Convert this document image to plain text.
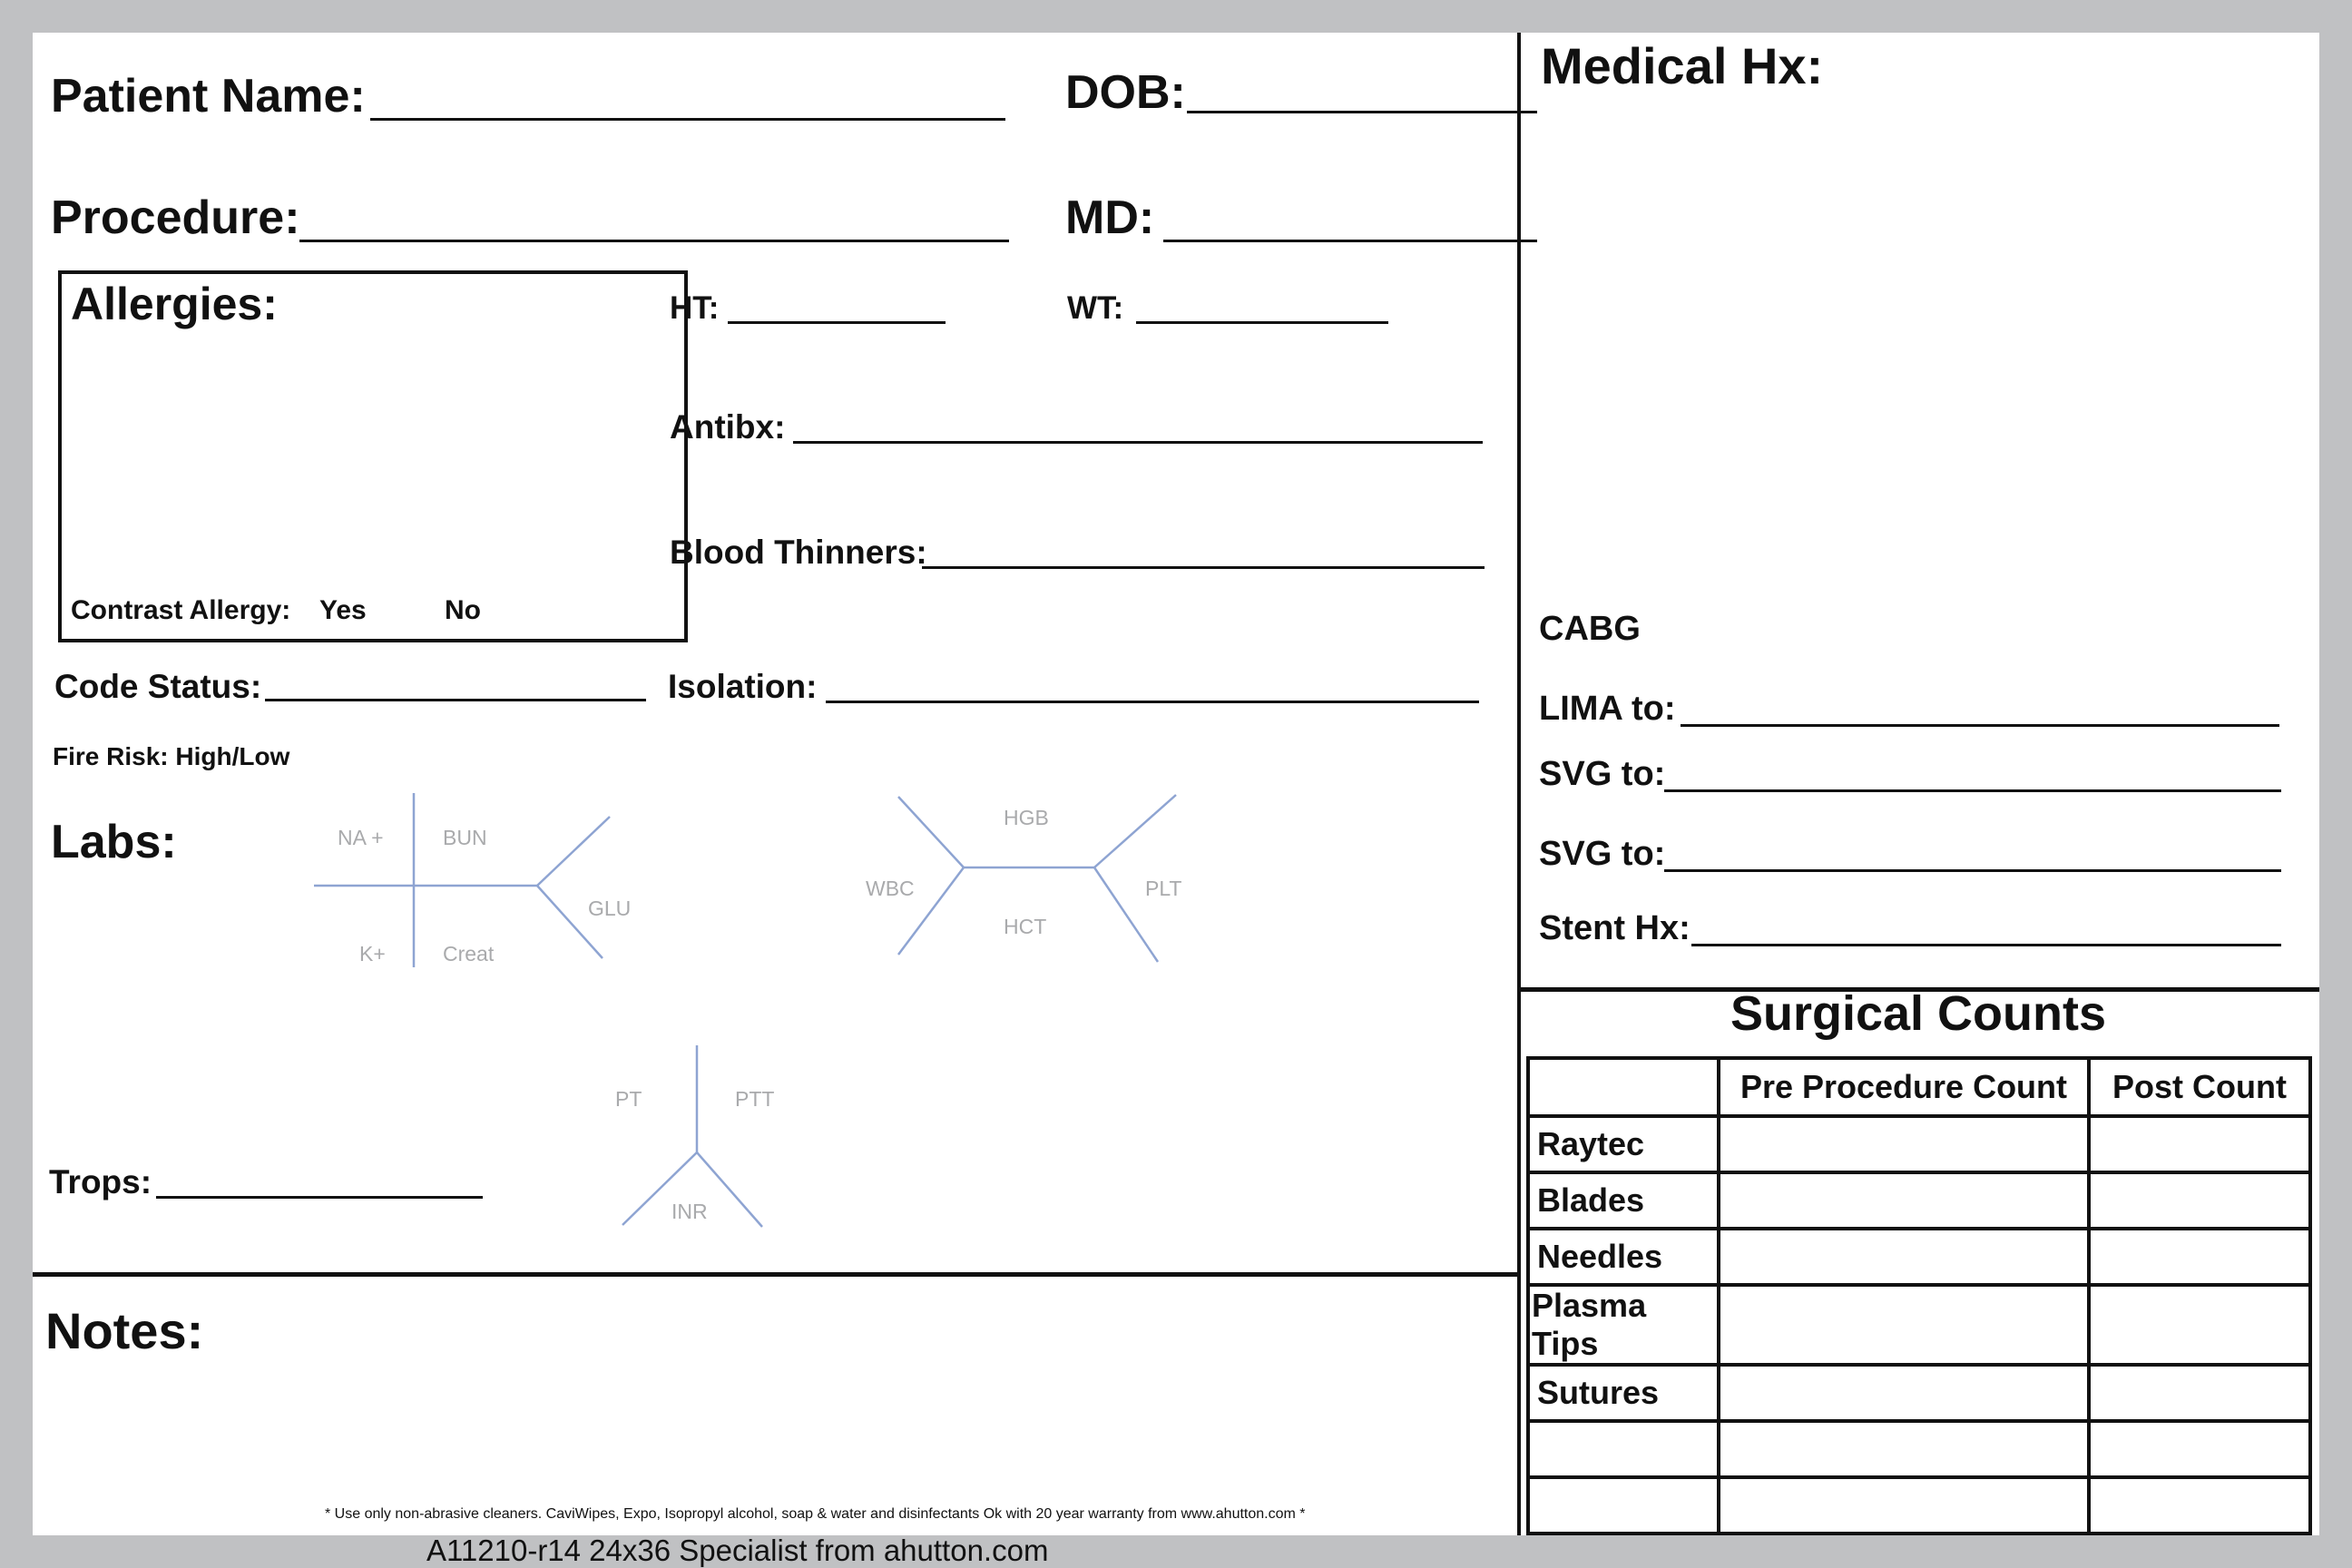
Patient Name:	DOB:
Procedure:	MD:
Allergies:
Contrast Allergy: Yes	No
HT:	WT:
Antibx:
Blood Thinners:
Code Status:	Isolation:
Fire Risk: High/Low
Labs:	NA +	BUN
K+	Creat
GLU
HGB
WBC
HCT
PLT
PT	PTT
INR
Trops:
Notes:
* Use only non-abrasive cleaners. CaviWipes, Expo, Isopropyl alcohol, soap & water and disinfectants Ok with 20 year warranty from www.ahutton.com *
Medical Hx:
CABG
LIMA to:
SVG to:
SVG to:
Stent Hx:
Surgical Counts
	Pre Procedure Count	Post Count
Raytec		
Blades		
Needles		
Plasma Tips		
Sutures		

A11210-r14 24x36 Specialist from ahutton.com
